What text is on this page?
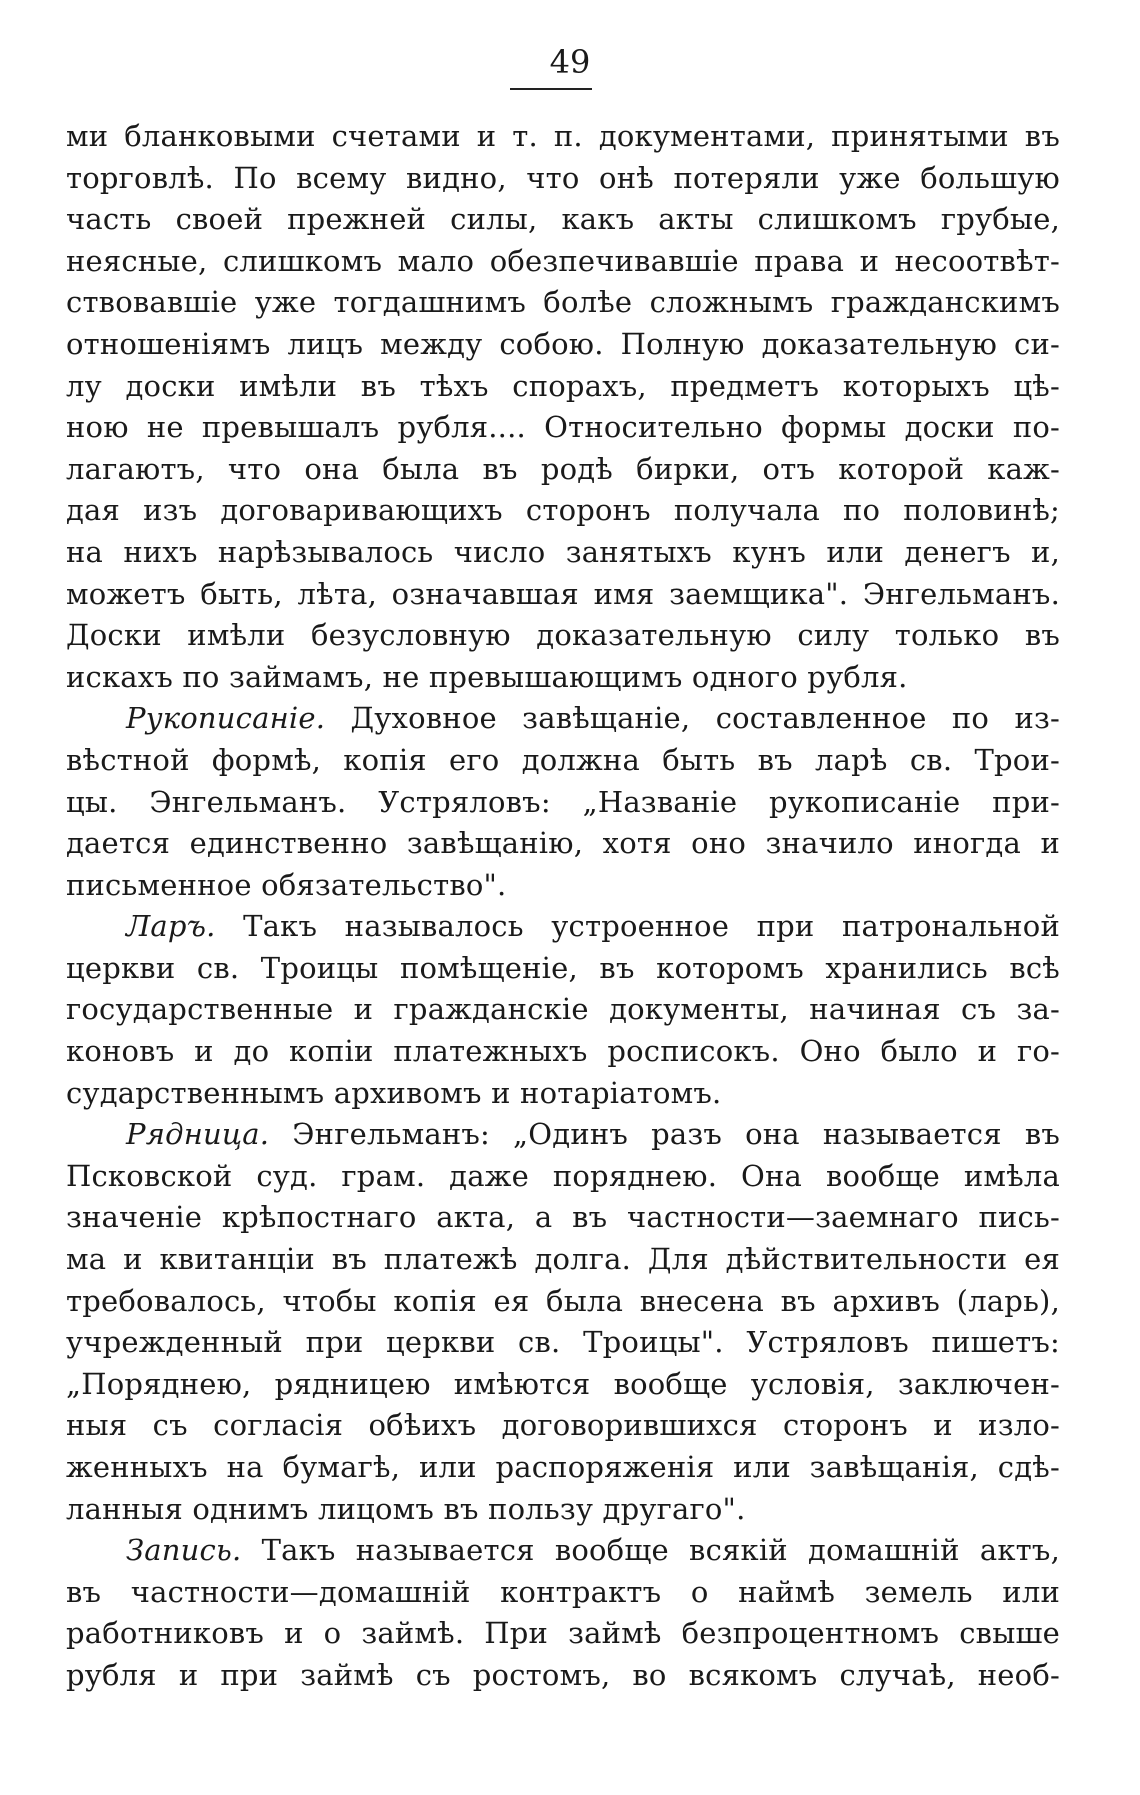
49
ми бланковыми счетами и т. п. документами, принятыми въ
торговлѣ. По всему видно, что онѣ потеряли уже большую
часть своей прежней силы, какъ акты слишкомъ грубые,
неясные, слишкомъ мало обезпечивавшіе права и несоотвѣт-
ствовавшіе уже тогдашнимъ болѣе сложнымъ гражданскимъ
отношеніямъ лицъ между собою. Полную доказательную си-
лу доски имѣли въ тѣхъ спорахъ, предметъ которыхъ цѣ-
ною не превышалъ рубля.... Относительно формы доски по-
лагаютъ, что она была въ родѣ бирки, отъ которой каж-
дая изъ договаривающихъ сторонъ получала по половинѣ;
на нихъ нарѣзывалось число занятыхъ кунъ или денегъ и,
можетъ быть, лѣта, означавшая имя заемщика". Энгельманъ.
Доски имѣли безусловную доказательную силу только въ
искахъ по займамъ, не превышающимъ одного рубля.
Рукописаніе. Духовное завѣщаніе, составленное по из-
вѣстной формѣ, копія его должна быть въ ларѣ св. Трои-
цы. Энгельманъ. Устряловъ: „Названіе рукописаніе при-
дается единственно завѣщанію, хотя оно значило иногда и
письменное обязательство".
Ларъ. Такъ называлось устроенное при патрональной
церкви св. Троицы помѣщеніе, въ которомъ хранились всѣ
государственные и гражданскіе документы, начиная съ за-
коновъ и до копіи платежныхъ росписокъ. Оно было и го-
сударственнымъ архивомъ и нотаріатомъ.
Рядница. Энгельманъ: „Одинъ разъ она называется въ
Псковской суд. грам. даже порядн​ею. Она вообще имѣла
значеніе крѣпостнаго акта, а въ частности—заемнаго пись-
ма и квитанціи въ платежѣ долга. Для дѣйствительности ея
требовалось, чтобы копія ея была внесена въ архивъ (ларь),
учрежденный при церкви св. Троицы". Устряловъ пишетъ:
„Порядн​ею, рядницею имѣются вообще условія, заключен-
ныя съ согласія обѣихъ договорившихся сторонъ и изло-
женныхъ на бумагѣ, или распоряженія или завѣщанія, сдѣ-
ланныя однимъ лицомъ въ пользу другаго".
Запись. Такъ называется вообще всякій домашній актъ,
въ частности—домашній контрактъ о наймѣ земель или
работниковъ и о займѣ. При займѣ безпроцентномъ свыше
рубля и при займѣ съ ростомъ, во всякомъ случаѣ, необ-
